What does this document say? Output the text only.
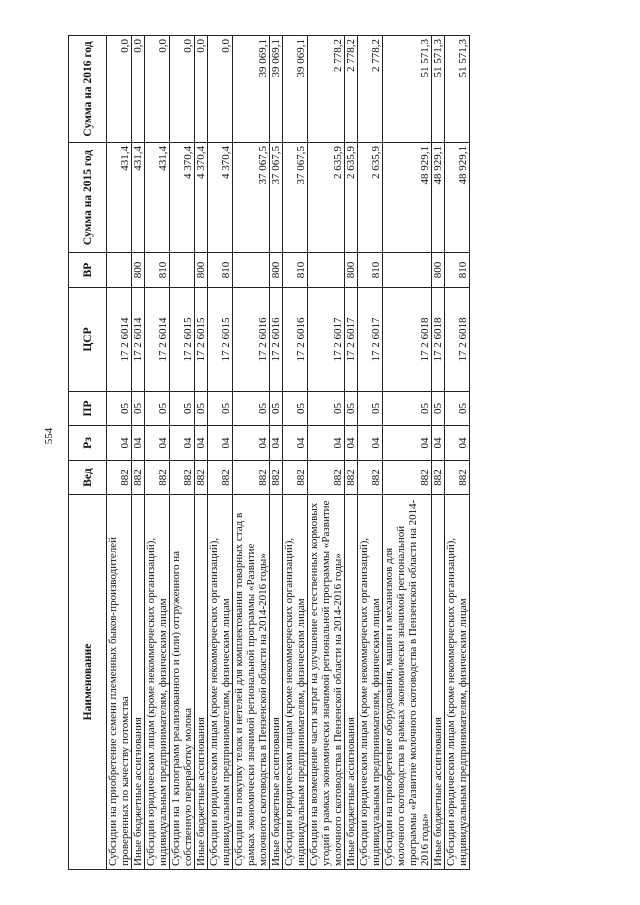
554
Наименование	Вед	Рз	ПР	ЦСР	ВР	Сумма на 2015 год	Сумма на 2016 год
Субсидии на приобретение семени племенных быков-производителей проверенных по качеству потомства	882	04	05	17 2 6014		431,4	0,0
Иные бюджетные ассигнования	882	04	05	17 2 6014	800	431,4	0,0
Субсидии юридическим лицам (кроме некоммерческих организаций), индивидуальным предпринимателям, физическим лицам	882	04	05	17 2 6014	810	431,4	0,0
Субсидии на 1 килограмм реализованного и (или) отгруженного на собственную переработку молока	882	04	05	17 2 6015		4 370,4	0,0
Иные бюджетные ассигнования	882	04	05	17 2 6015	800	4 370,4	0,0
Субсидии юридическим лицам (кроме некоммерческих организаций), индивидуальным предпринимателям, физическим лицам	882	04	05	17 2 6015	810	4 370,4	0,0
Субсидии на покупку телок и нетелей для комплектования товарных стад в рамках экономически значимой региональной программы «Развитие молочного скотоводства в Пензенской области на 2014-2016 годы»	882	04	05	17 2 6016		37 067,5	39 069,1
Иные бюджетные ассигнования	882	04	05	17 2 6016	800	37 067,5	39 069,1
Субсидии юридическим лицам (кроме некоммерческих организаций), индивидуальным предпринимателям, физическим лицам	882	04	05	17 2 6016	810	37 067,5	39 069,1
Субсидии на возмещение части затрат на улучшение естественных кормовых угодий в рамках экономически значимой региональной программы «Развитие молочного скотоводства в Пензенской области на 2014-2016 годы»	882	04	05	17 2 6017		2 635,9	2 778,2
Иные бюджетные ассигнования	882	04	05	17 2 6017	800	2 635,9	2 778,2
Субсидии юридическим лицам (кроме некоммерческих организаций), индивидуальным предпринимателям, физическим лицам	882	04	05	17 2 6017	810	2 635,9	2 778,2
Субсидии на приобретение оборудования, машин и механизмов для молочного скотоводства в рамках экономически значимой региональной программы «Развитие молочного скотоводства в Пензенской области на 2014-2016 годы»	882	04	05	17 2 6018		48 929,1	51 571,3
Иные бюджетные ассигнования	882	04	05	17 2 6018	800	48 929,1	51 571,3
Субсидии юридическим лицам (кроме некоммерческих организаций), индивидуальным предпринимателям, физическим лицам	882	04	05	17 2 6018	810	48 929,1	51 571,3
